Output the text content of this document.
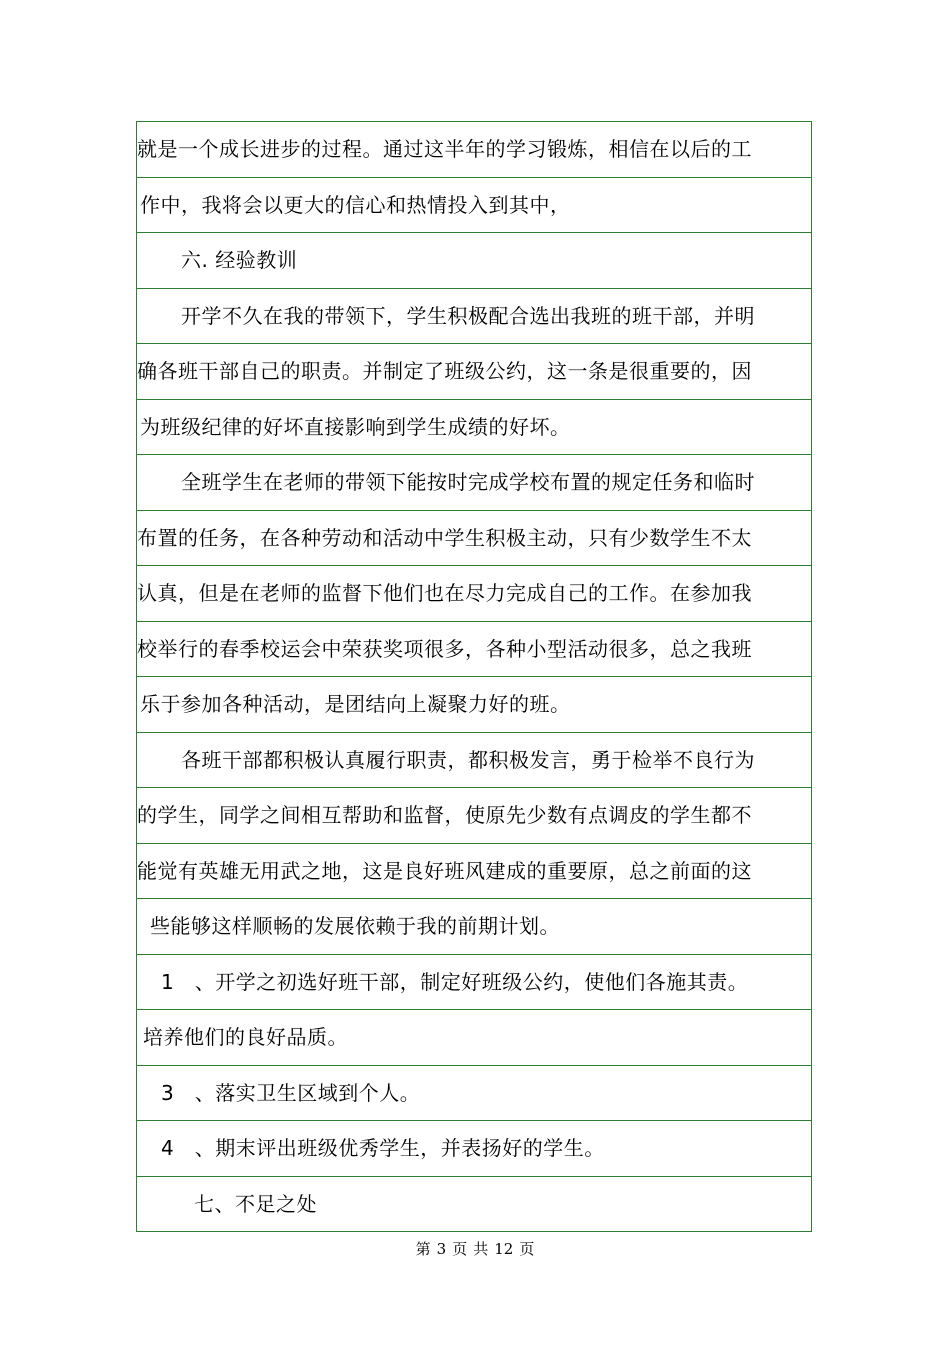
就是一个成长进步的过程。通过这半年的学习锻炼，相信在以后的工
作中，我将会以更大的信心和热情投入到其中，
六. 经验教训
开学不久在我的带领下，学生积极配合选出我班的班干部，并明
确各班干部自己的职责。并制定了班级公约，这一条是很重要的，因
为班级纪律的好坏直接影响到学生成绩的好坏。
全班学生在老师的带领下能按时完成学校布置的规定任务和临时
布置的任务，在各种劳动和活动中学生积极主动，只有少数学生不太
认真，但是在老师的监督下他们也在尽力完成自己的工作。在参加我
校举行的春季校运会中荣获奖项很多，各种小型活动很多，总之我班
乐于参加各种活动，是团结向上凝聚力好的班。
各班干部都积极认真履行职责，都积极发言，勇于检举不良行为
的学生，同学之间相互帮助和监督，使原先少数有点调皮的学生都不
能觉有英雄无用武之地，这是良好班风建成的重要原，总之前面的这
些能够这样顺畅的发展依赖于我的前期计划。
1　、开学之初选好班干部，制定好班级公约，使他们各施其责。
培养他们的良好品质。
3　、落实卫生区域到个人。
4　、期末评出班级优秀学生，并表扬好的学生。
七、不足之处
第 3 页 共 12 页
